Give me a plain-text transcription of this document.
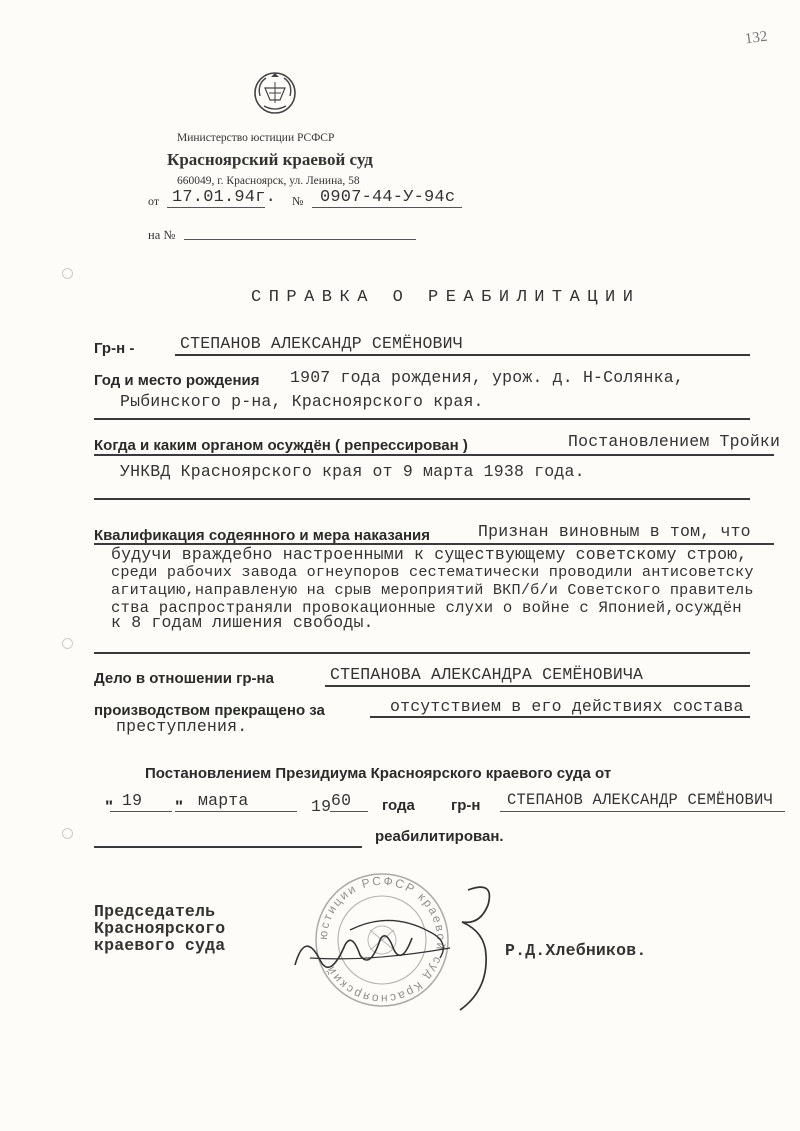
132
Министерство юстиции РСФСР
Красноярский краевой суд
660049, г. Красноярск, ул. Ленина, 58
от 17.01.94г. № 0907-44-У-94с
на №
СПРАВКА О РЕАБИЛИТАЦИИ
Гр-н -	СТЕПАНОВ АЛЕКСАНДР СЕМЁНОВИЧ
Год и место рождения 1907 года рождения, урож. д. Н-Солянка,
Рыбинского р-на, Красноярского края.
Когда и каким органом осуждён ( репрессирован )	Постановлением Тройки
УНКВД Красноярского края от 9 марта 1938 года.
Квалификация содеянного и мера наказания	Признан виновным в том, что
будучи враждебно настроенными к существующему советскому строю,
среди рабочих завода огнеупоров сестематически проводили антисоветску
агитацию,направленую на срыв мероприятий ВКП/б/и Советского правитель
ства распространяли провокационные слухи о войне с Японией,осуждён
к 8 годам лишения свободы.
Дело в отношении гр-на	СТЕПАНОВА АЛЕКСАНДРА СЕМЁНОВИЧА
производством прекращено за	отсутствием в его действиях состава
преступления.
Постановлением Президиума Красноярского краевого суда от
" 19 " марта	19 60 года гр-н СТЕПАНОВ АЛЕКСАНДР СЕМЁНОВИЧ
реабилитирован.
Председатель
Красноярского
краевого суда
юстиции РСФСР краевой суд Красноярский
Р.Д.Хлебников.
